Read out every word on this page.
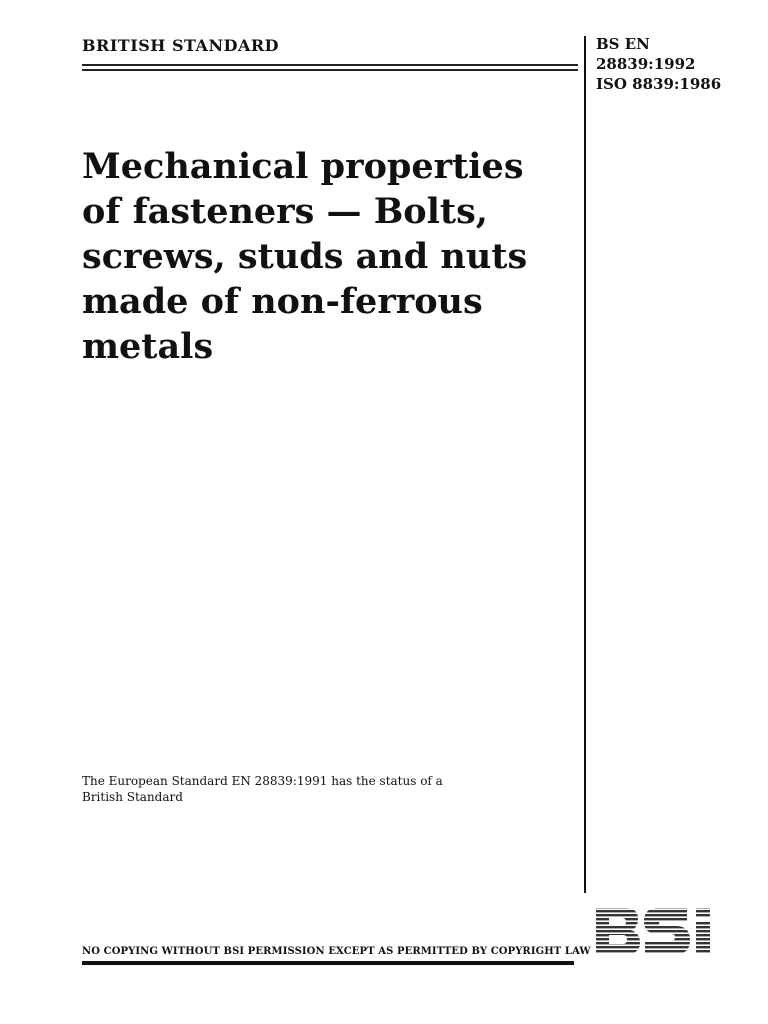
BRITISH STANDARD	BS EN
28839:1992
ISO 8839:1986
Mechanical properties of fasteners — Bolts, screws, studs and nuts made of non-ferrous metals
The European Standard EN 28839:1991 has the status of a
British Standard
NO COPYING WITHOUT BSI PERMISSION EXCEPT AS PERMITTED BY COPYRIGHT LAW
